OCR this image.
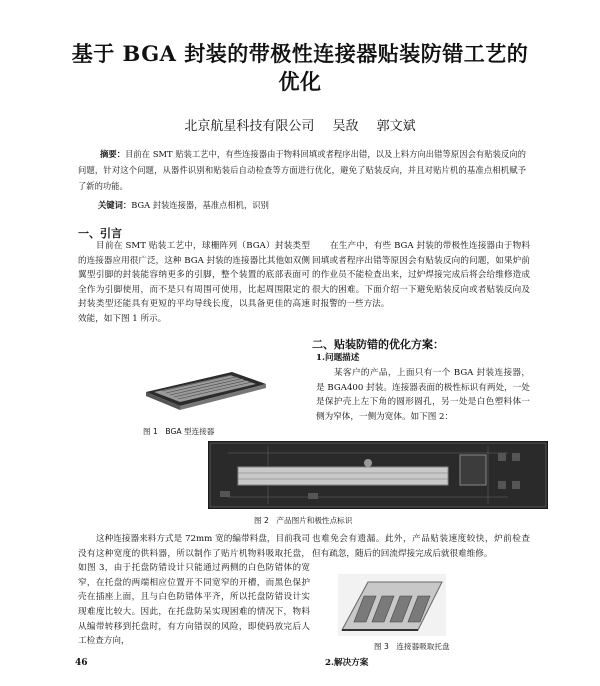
基于 BGA 封装的带极性连接器贴装防错工艺的
优化
北京航星科技有限公司 吴敌 郭文斌
摘要：目前在 SMT 贴装工艺中，有些连接器由于物料回填或者程序出错，以及上料方向出错等原因会有贴装反向的问题，针对这个问题，从器件识别和贴装后自动检查等方面进行优化，避免了贴装反向，并且对贴片机的基准点相机赋予了新的功能。
关键词：BGA 封装连接器，基准点相机，识别
一、引言
目前在 SMT 贴装工艺中，球栅阵列（BGA）封装类型的连接器应用很广泛，这种 BGA 封装的连接器比其他如双侧翼型引脚的封装能容纳更多的引脚，整个装置的底部表面可全作为引脚使用，而不是只有周围可使用，比起周围限定的封装类型还能具有更短的平均导线长度，以具备更佳的高速效能，如下图 1 所示。
图 1　BGA 型连接器
在生产中，有些 BGA 封装的带极性连接器由于物料回填或者程序出错等原因会有贴装反向的问题，如果炉前的作业员不能检查出来，过炉焊接完成后将会给维修造成很大的困难。下面介绍一下避免贴装反向或者贴装反向及时报警的一些方法。
二、贴装防错的优化方案：
1.问题描述
某客户的产品，上面只有一个 BGA 封装连接器，是 BGA400 封装。连接器表面的极性标识有两处，一处是保护壳上左下角的圆形圆孔，另一处是白色塑料体一侧为窄体，一侧为宽体。如下图 2：
图 2　产品图片和极性点标识
这种连接器来料方式是 72mm 宽的编带料盘，目前我司没有这种宽度的供料器，所以制作了贴片机物料吸取托盘，如图 3，由于托盘防错设计只能通过两侧的白色防错体的宽窄，在托盘的两端相应位置开不同宽窄的开槽，而黑色保护壳在插座上面，且与白色防错体平齐，所以托盘防错设计实现难度比较大。因此，在托盘防呆实现困难的情况下，物料从编带转移到托盘时，有方向错误的风险，即使码放完后人工检查方向，
也难免会有遗漏。此外，产品贴装速度较快，炉前检查　但有疏忽，随后的回流焊接完成后就很难维修。
图 3　连接器吸取托盘
2.解决方案
46
